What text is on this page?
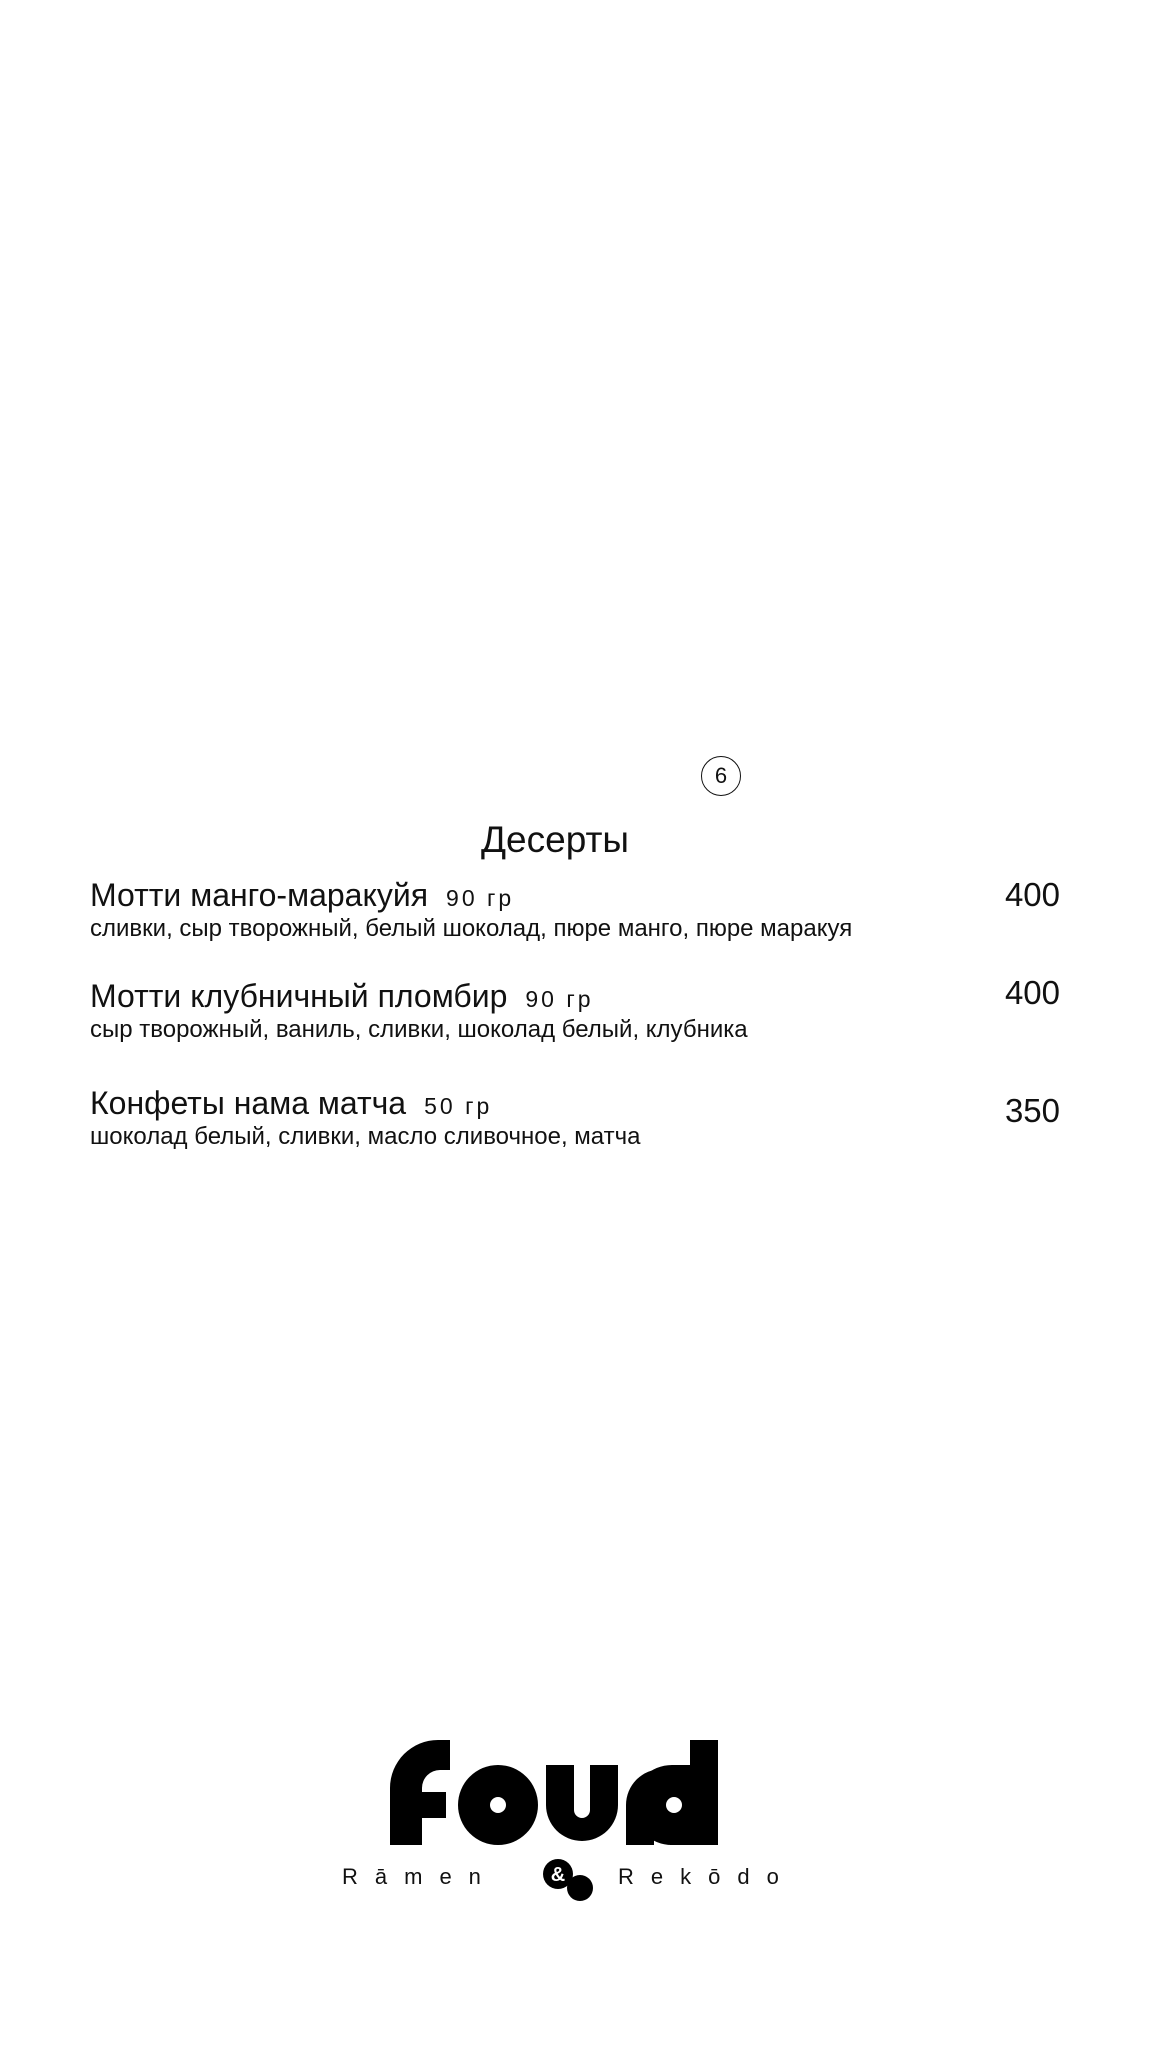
6
Десерты
Мотти манго-маракуйя 90 гр
сливки, сыр творожный, белый шоколад, пюре манго, пюре маракуя
400
Мотти клубничный пломбир 90 гр
сыр творожный, ваниль, сливки, шоколад белый, клубника
400
Конфеты нама матча 50 гр
шоколад белый, сливки, масло сливочное, матча
350
Rāmen	& Rekōdo
